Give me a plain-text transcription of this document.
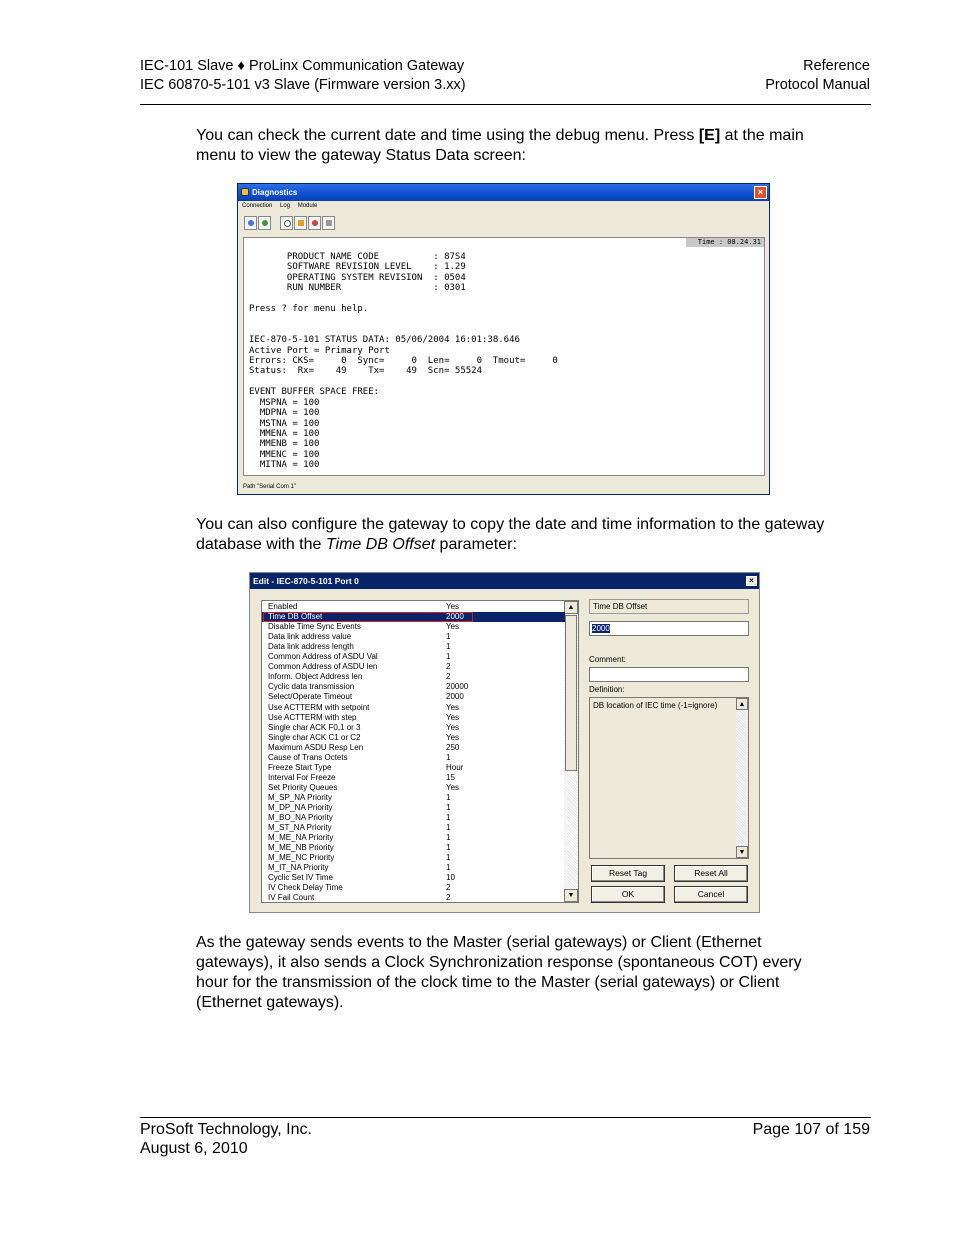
IEC-101 Slave ♦ ProLinx Communication Gateway
IEC 60870-5-101 v3 Slave (Firmware version 3.xx)
Reference
Protocol Manual
You can check the current date and time using the debug menu. Press [E] at the main menu to view the gateway Status Data screen:
Diagnostics	×
Connection Log Module
Time : 08.24.31
PRODUCT NAME CODE          : 87S4
SOFTWARE REVISION LEVEL    : 1.29
OPERATING SYSTEM REVISION  : 0504
RUN NUMBER                 : 0301

Press ? for menu help.

IEC-870-5-101 STATUS DATA: 05/06/2004 16:01:38.646
Active Port = Primary Port
Errors: CKS=     0  Sync=     0  Len=     0  Tmout=     0
Status:  Rx=    49    Tx=    49  Scn= 55524

EVENT BUFFER SPACE FREE:
MSPNA = 100
MDPNA = 100
MSTNA = 100
MMENA = 100
MMENB = 100
MMENC = 100
MITNA = 100
Path "Serial Com 1"
You can also configure the gateway to copy the date and time information to the gateway database with the Time DB Offset parameter:
Edit - IEC-870-5-101 Port 0	×
▲
▼
Enabled	Yes
Time DB Offset	2000
Disable Time Sync Events	Yes
Data link address value	1
Data link address length	1
Common Address of ASDU Val	1
Common Address of ASDU len	2
Inform. Object Address len	2
Cyclic data transmission	20000
Select/Operate Timeout	2000
Use ACTTERM with setpoint	Yes
Use ACTTERM with step	Yes
Single char ACK F0,1 or 3	Yes
Single char ACK C1 or C2	Yes
Maximum ASDU Resp Len	250
Cause of Trans Octets	1
Freeze Start Type	Hour
Interval For Freeze	15
Set Priority Queues	Yes
M_SP_NA Priority	1
M_DP_NA Priority	1
M_BO_NA Priority	1
M_ST_NA Priority	1
M_ME_NA Priority	1
M_ME_NB Priority	1
M_ME_NC Priority	1
M_IT_NA Priority	1
Cyclic Set IV Time	10
IV Check Delay Time	2
IV Fail Count	2
Time DB Offset
2000
Comment:
Definition:
DB location of IEC time (-1=ignore)	▲
▼
Reset Tag	Reset All
OK	Cancel
As the gateway sends events to the Master (serial gateways) or Client (Ethernet gateways), it also sends a Clock Synchronization response (spontaneous COT) every hour for the transmission of the clock time to the Master (serial gateways) or Client (Ethernet gateways).
ProSoft Technology, Inc.
August 6, 2010
Page 107 of 159
